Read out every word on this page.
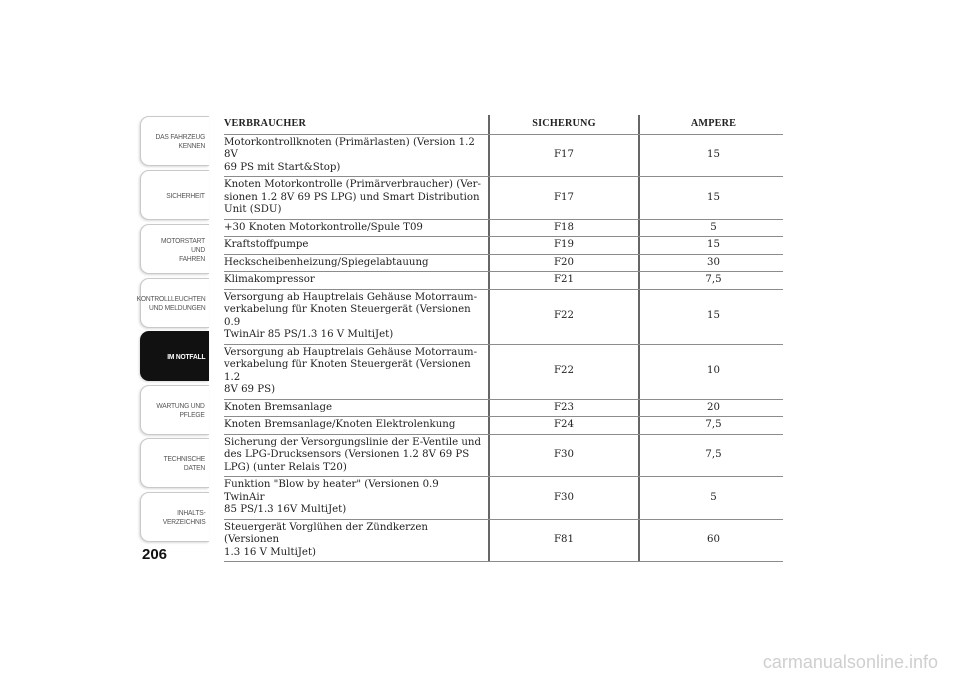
DAS FAHRZEUG
KENNEN
SICHERHEIT
MOTORSTART UND
FAHREN
KONTROLLLEUCHTEN
UND MELDUNGEN
IM NOTFALL
WARTUNG UND
PFLEGE
TECHNISCHE
DATEN
INHALTS-
VERZEICHNIS
206
VERBRAUCHER	SICHERUNG	AMPERE
Motorkontrollknoten (Primärlasten) (Version 1.2 8V
69 PS mit Start&Stop)
F17	15
Knoten Motorkontrolle (Primärverbraucher) (Ver-
sionen 1.2 8V 69 PS LPG) und Smart Distribution
Unit (SDU)
F17	15
+30 Knoten Motorkontrolle/Spule T09	F18	5
Kraftstoffpumpe	F19	15
Heckscheibenheizung/Spiegelabtauung	F20	30
Klimakompressor	F21	7,5
Versorgung ab Hauptrelais Gehäuse Motorraum-
verkabelung für Knoten Steuergerät (Versionen 0.9
TwinAir 85 PS/1.3 16 V MultiJet)
F22	15
Versorgung ab Hauptrelais Gehäuse Motorraum-
verkabelung für Knoten Steuergerät (Versionen 1.2
8V 69 PS)
F22	10
Knoten Bremsanlage	F23	20
Knoten Bremsanlage/Knoten Elektrolenkung	F24	7,5
Sicherung der Versorgungslinie der E-Ventile und
des LPG-Drucksensors (Versionen 1.2 8V 69 PS
LPG) (unter Relais T20)
F30	7,5
Funktion "Blow by heater" (Versionen 0.9 TwinAir
85 PS/1.3 16V MultiJet)
F30	5
Steuergerät Vorglühen der Zündkerzen (Versionen
1.3 16 V MultiJet)
F81	60
carmanualsonline.info
